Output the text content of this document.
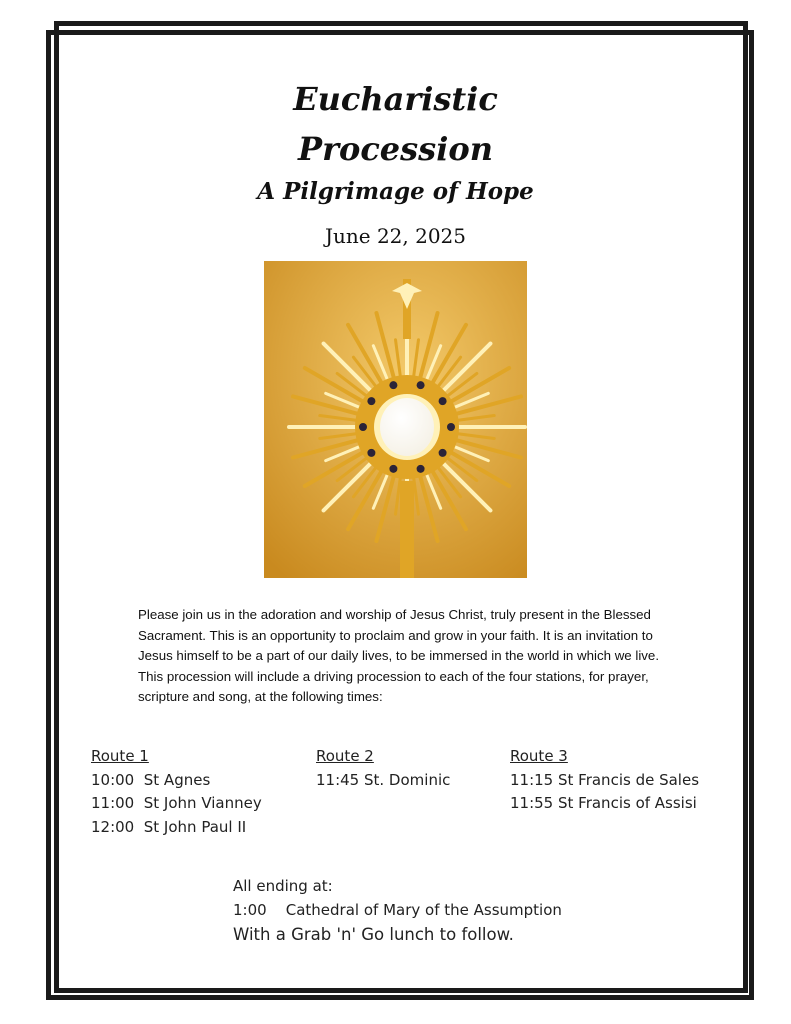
Eucharistic
Procession
A Pilgrimage of Hope
June 22, 2025

Please join us in the adoration and worship of Jesus Christ, truly present in the Blessed Sacrament. This is an opportunity to proclaim and grow in your faith. It is an invitation to Jesus himself to be a part of our daily lives, to be immersed in the world in which we live. This procession will include a driving procession to each of the four stations, for prayer, scripture and song, at the following times:

Route 1
10:00  St Agnes
11:00  St John Vianney
12:00  St John Paul II
Route 2
11:45 St. Dominic
Route 3
11:15 St Francis de Sales
11:55 St Francis of Assisi
All ending at:
1:00    Cathedral of Mary of the Assumption
With a Grab 'n' Go lunch to follow.
